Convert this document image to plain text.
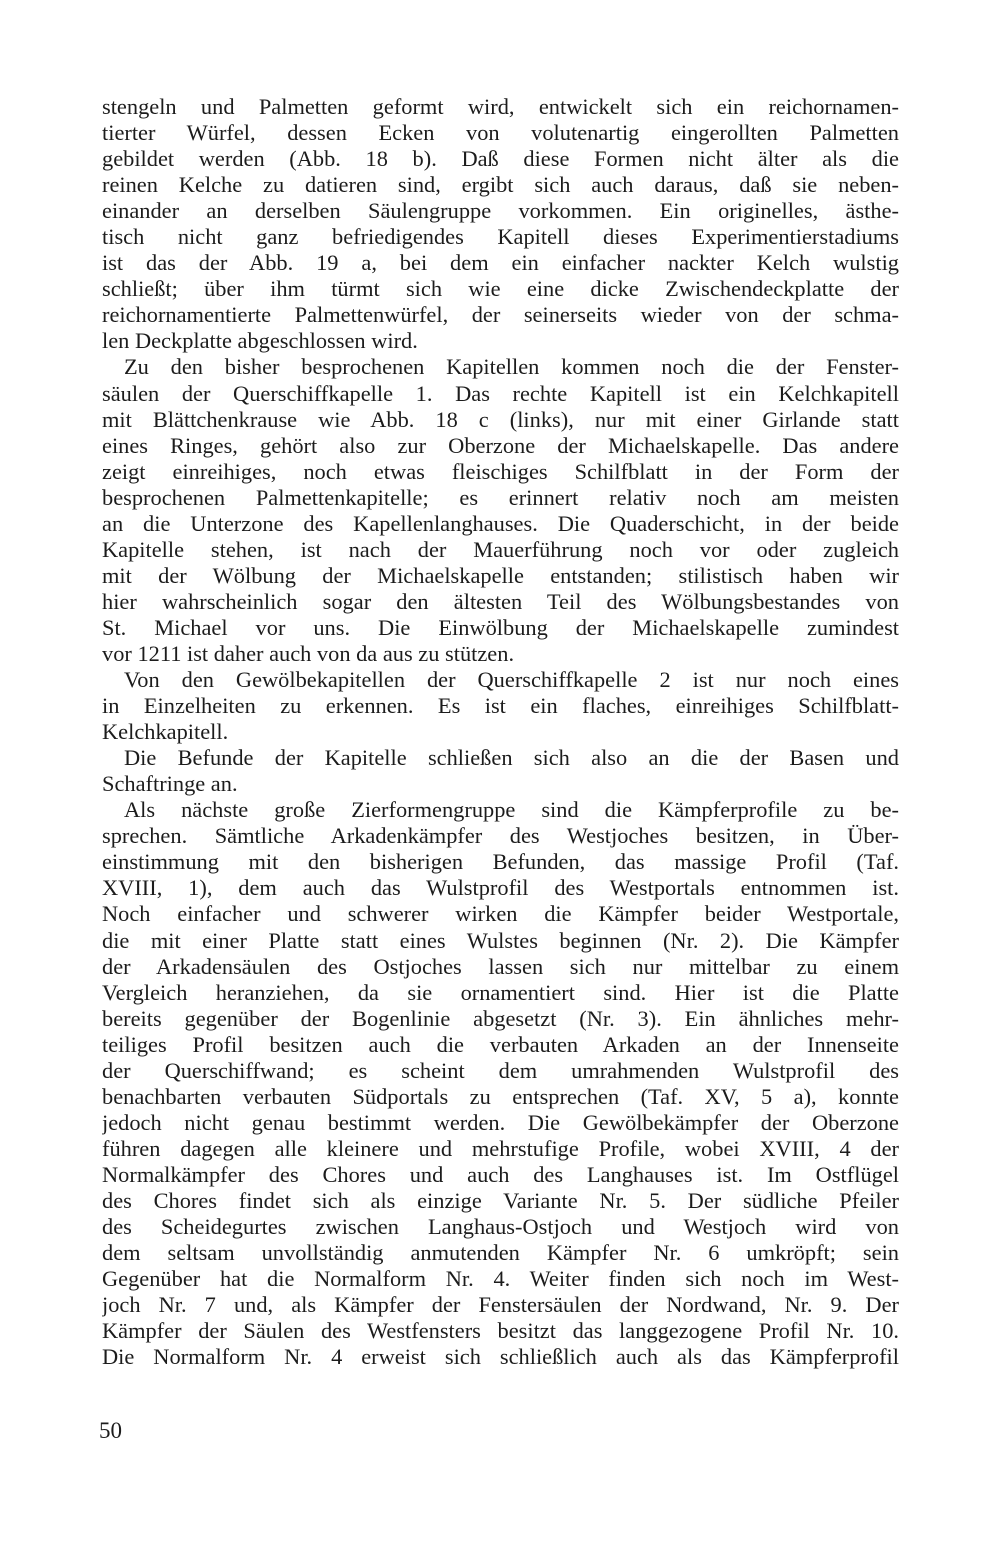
stengeln und Palmetten geformt wird, entwickelt sich ein reichornamen-
tierter Würfel, dessen Ecken von volutenartig eingerollten Palmetten
gebildet werden (Abb. 18 b). Daß diese Formen nicht älter als die
reinen Kelche zu datieren sind, ergibt sich auch daraus, daß sie neben-
einander an derselben Säulengruppe vorkommen. Ein originelles, ästhe-
tisch nicht ganz befriedigendes Kapitell dieses Experimentierstadiums
ist das der Abb. 19 a, bei dem ein einfacher nackter Kelch wulstig
schließt; über ihm türmt sich wie eine dicke Zwischendeckplatte der
reichornamentierte Palmettenwürfel, der seinerseits wieder von der schma-
len Deckplatte abgeschlossen wird.
Zu den bisher besprochenen Kapitellen kommen noch die der Fenster-
säulen der Querschiffkapelle 1. Das rechte Kapitell ist ein Kelchkapitell
mit Blättchenkrause wie Abb. 18 c (links), nur mit einer Girlande statt
eines Ringes, gehört also zur Oberzone der Michaelskapelle. Das andere
zeigt einreihiges, noch etwas fleischiges Schilfblatt in der Form der
besprochenen Palmettenkapitelle; es erinnert relativ noch am meisten
an die Unterzone des Kapellenlanghauses. Die Quaderschicht, in der beide
Kapitelle stehen, ist nach der Mauerführung noch vor oder zugleich
mit der Wölbung der Michaelskapelle entstanden; stilistisch haben wir
hier wahrscheinlich sogar den ältesten Teil des Wölbungsbestandes von
St. Michael vor uns. Die Einwölbung der Michaelskapelle zumindest
vor 1211 ist daher auch von da aus zu stützen.
Von den Gewölbekapitellen der Querschiffkapelle 2 ist nur noch eines
in Einzelheiten zu erkennen. Es ist ein flaches, einreihiges Schilfblatt-
Kelchkapitell.
Die Befunde der Kapitelle schließen sich also an die der Basen und
Schaftringe an.
Als nächste große Zierformengruppe sind die Kämpferprofile zu be-
sprechen. Sämtliche Arkadenkämpfer des Westjoches besitzen, in Über-
einstimmung mit den bisherigen Befunden, das massige Profil (Taf.
XVIII, 1), dem auch das Wulstprofil des Westportals entnommen ist.
Noch einfacher und schwerer wirken die Kämpfer beider Westportale,
die mit einer Platte statt eines Wulstes beginnen (Nr. 2). Die Kämpfer
der Arkadensäulen des Ostjoches lassen sich nur mittelbar zu einem
Vergleich heranziehen, da sie ornamentiert sind. Hier ist die Platte
bereits gegenüber der Bogenlinie abgesetzt (Nr. 3). Ein ähnliches mehr-
teiliges Profil besitzen auch die verbauten Arkaden an der Innenseite
der Querschiffwand; es scheint dem umrahmenden Wulstprofil des
benachbarten verbauten Südportals zu entsprechen (Taf. XV, 5 a), konnte
jedoch nicht genau bestimmt werden. Die Gewölbekämpfer der Oberzone
führen dagegen alle kleinere und mehrstufige Profile, wobei XVIII, 4 der
Normalkämpfer des Chores und auch des Langhauses ist. Im Ostflügel
des Chores findet sich als einzige Variante Nr. 5. Der südliche Pfeiler
des Scheidegurtes zwischen Langhaus-Ostjoch und Westjoch wird von
dem seltsam unvollständig anmutenden Kämpfer Nr. 6 umkröpft; sein
Gegenüber hat die Normalform Nr. 4. Weiter finden sich noch im West-
joch Nr. 7 und, als Kämpfer der Fenstersäulen der Nordwand, Nr. 9. Der
Kämpfer der Säulen des Westfensters besitzt das langgezogene Profil Nr. 10.
Die Normalform Nr. 4 erweist sich schließlich auch als das Kämpferprofil
50
